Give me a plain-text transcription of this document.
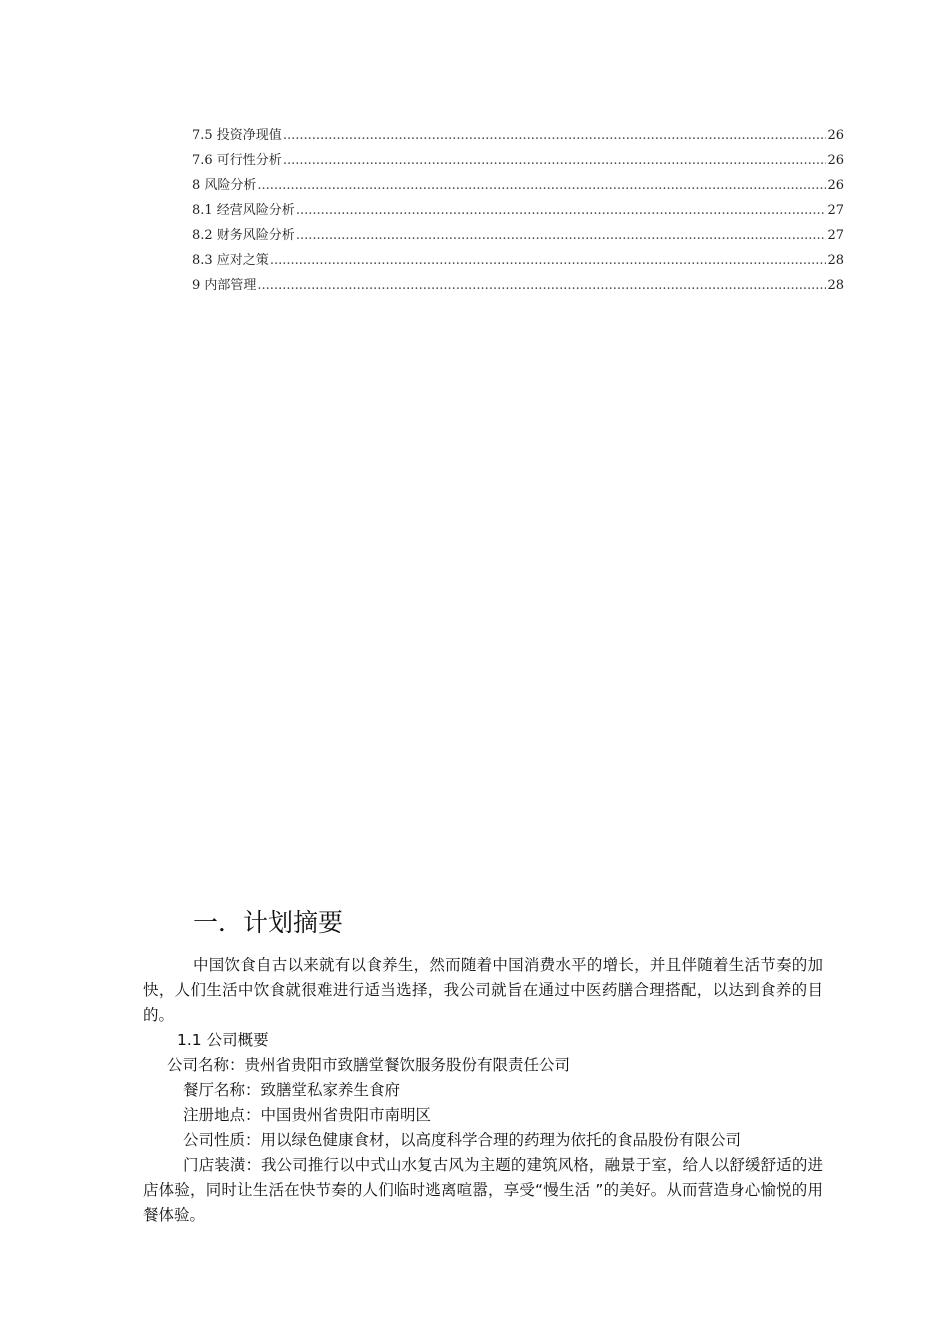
7.5 投资净现值 .....	26
7.6 可行性分析 .....	26
8 风险分析 .....	26
8.1 经营风险分析 .....	27
8.2 财务风险分析 .....	27
8.3 应对之策 .....	28
9 内部管理 .....	28
一．计划摘要

中国饮食自古以来就有以食养生，然而随着中国消费水平的增长，并且伴随着生活节奏的加快，人们生活中饮食就很难进行适当选择，我公司就旨在通过中医药膳合理搭配，以达到食养的目的。

1.1 公司概要

公司名称：贵州省贵阳市致膳堂餐饮服务股份有限责任公司

餐厅名称：致膳堂私家养生食府

注册地点：中国贵州省贵阳市南明区

公司性质：用以绿色健康食材，以高度科学合理的药理为依托的食品股份有限公司

门店装潢：我公司推行以中式山水复古风为主题的建筑风格，融景于室，给人以舒缓舒适的进店体验，同时让生活在快节奏的人们临时逃离喧嚣，享受“慢生活 ”的美好。从而营造身心愉悦的用餐体验。
